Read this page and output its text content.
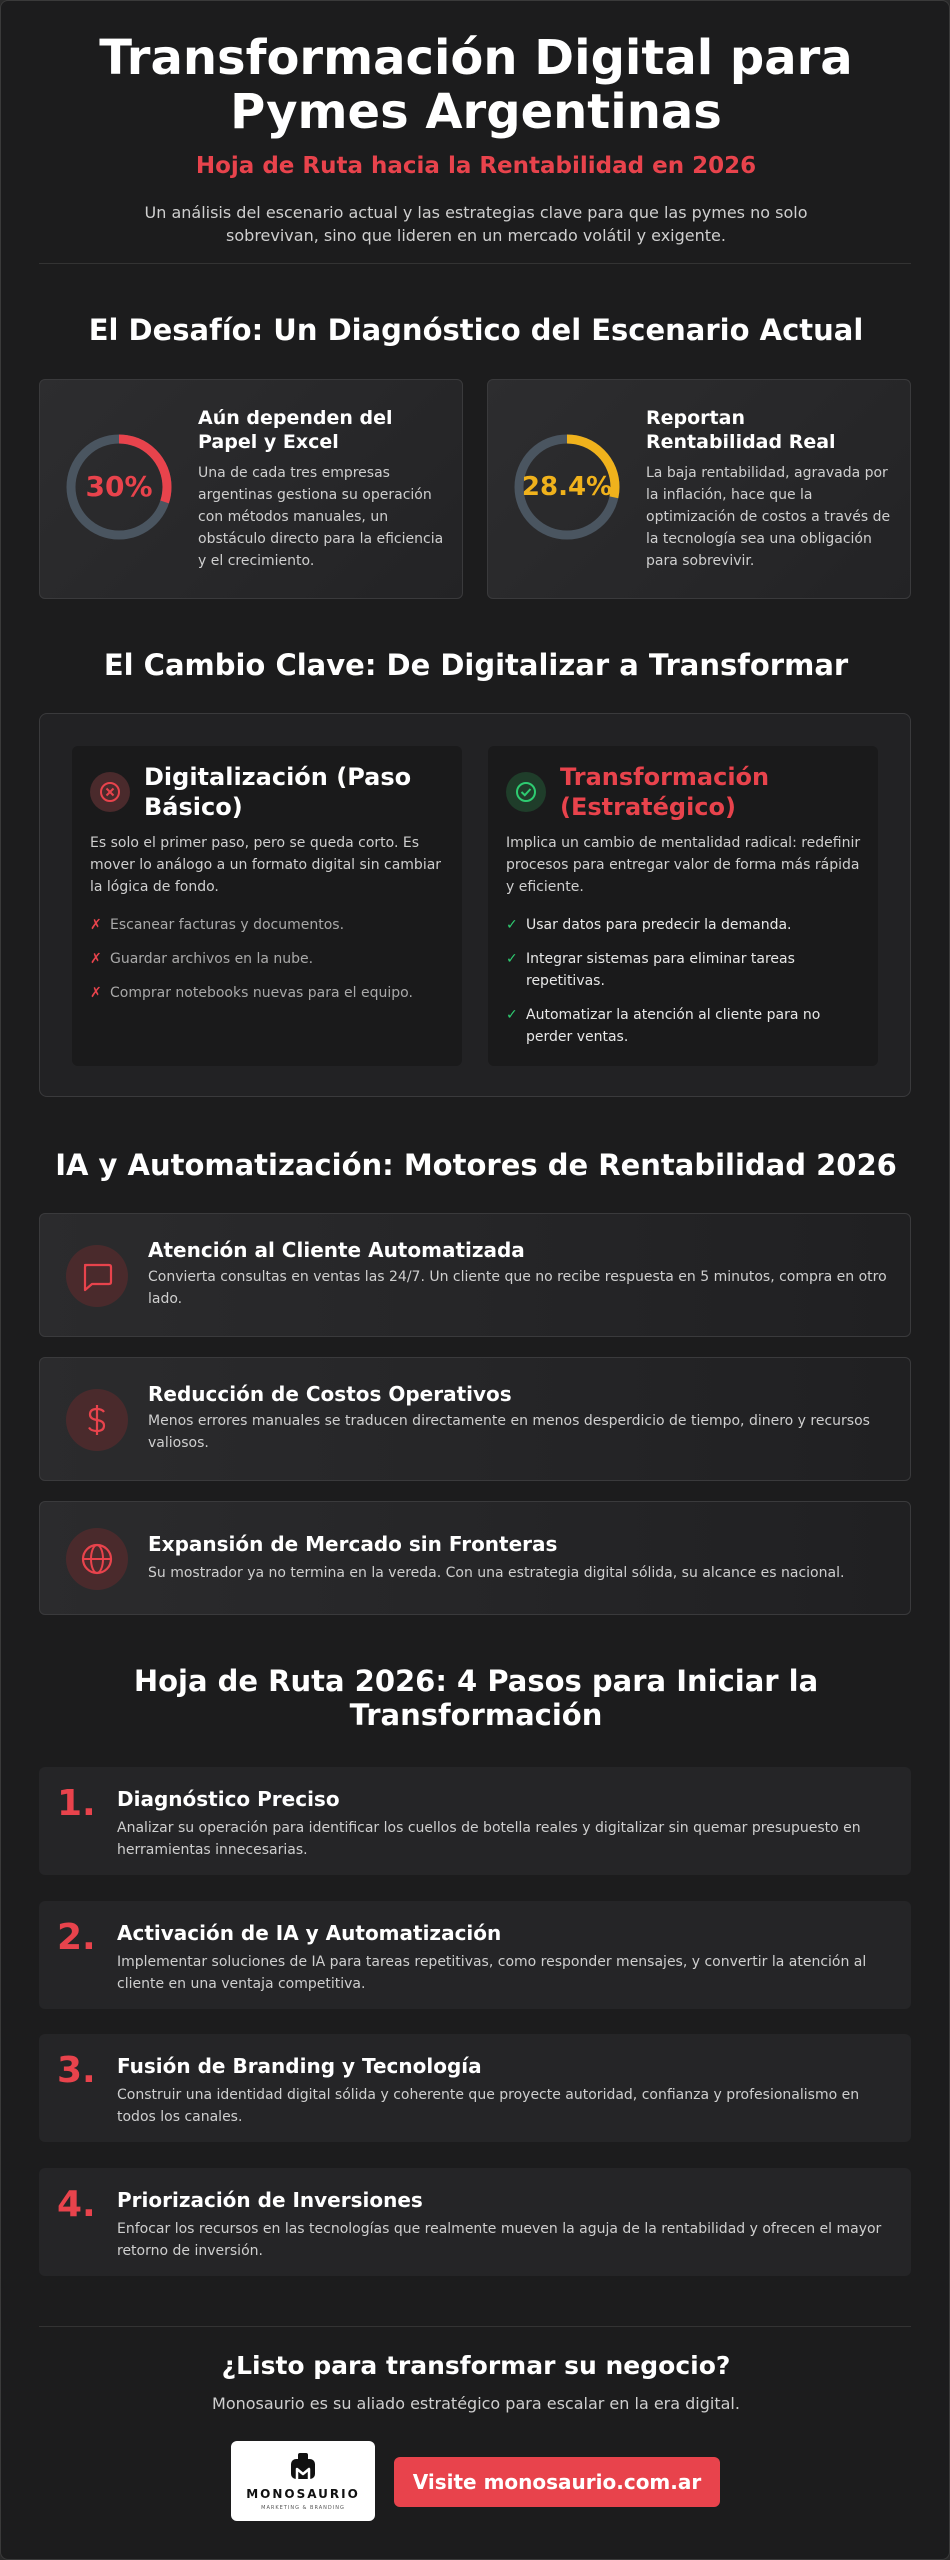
Transformación Digital para
Pymes Argentinas
Hoja de Ruta hacia la Rentabilidad en 2026

Un análisis del escenario actual y las estrategias clave para que las pymes no solo sobrevivan, sino que lideren en un mercado volátil y exigente.

El Desafío: Un Diagnóstico del Escenario Actual
30%
Aún dependen del Papel y Excel
Una de cada tres empresas argentinas gestiona su operación con métodos manuales, un obstáculo directo para la eficiencia y el crecimiento.
28.4%
Reportan Rentabilidad Real
La baja rentabilidad, agravada por la inflación, hace que la optimización de costos a través de la tecnología sea una obligación para sobrevivir.
El Cambio Clave: De Digitalizar a Transformar
Digitalización (Paso Básico)
Es solo el primer paso, pero se queda corto. Es mover lo análogo a un formato digital sin cambiar la lógica de fondo.
✗ Escanear facturas y documentos.
✗ Guardar archivos en la nube.
✗ Comprar notebooks nuevas para el equipo.
Transformación (Estratégico)
Implica un cambio de mentalidad radical: redefinir procesos para entregar valor de forma más rápida y eficiente.
✓ Usar datos para predecir la demanda.
✓ Integrar sistemas para eliminar tareas repetitivas.
✓ Automatizar la atención al cliente para no perder ventas.
IA y Automatización: Motores de Rentabilidad 2026
Atención al Cliente Automatizada
Convierta consultas en ventas las 24/7. Un cliente que no recibe respuesta en 5 minutos, compra en otro lado.
Reducción de Costos Operativos
Menos errores manuales se traducen directamente en menos desperdicio de tiempo, dinero y recursos valiosos.
Expansión de Mercado sin Fronteras
Su mostrador ya no termina en la vereda. Con una estrategia digital sólida, su alcance es nacional.
Hoja de Ruta 2026: 4 Pasos para Iniciar la
Transformación
1. Diagnóstico Preciso
Analizar su operación para identificar los cuellos de botella reales y digitalizar sin quemar presupuesto en herramientas innecesarias.
2. Activación de IA y Automatización
Implementar soluciones de IA para tareas repetitivas, como responder mensajes, y convertir la atención al cliente en una ventaja competitiva.
3. Fusión de Branding y Tecnología
Construir una identidad digital sólida y coherente que proyecte autoridad, confianza y profesionalismo en todos los canales.
4. Priorización de Inversiones
Enfocar los recursos en las tecnologías que realmente mueven la aguja de la rentabilidad y ofrecen el mayor retorno de inversión.
¿Listo para transformar su negocio?
Monosaurio es su aliado estratégico para escalar en la era digital.
MONOSAURIO
MARKETING & BRANDING
Visite monosaurio.com.ar
